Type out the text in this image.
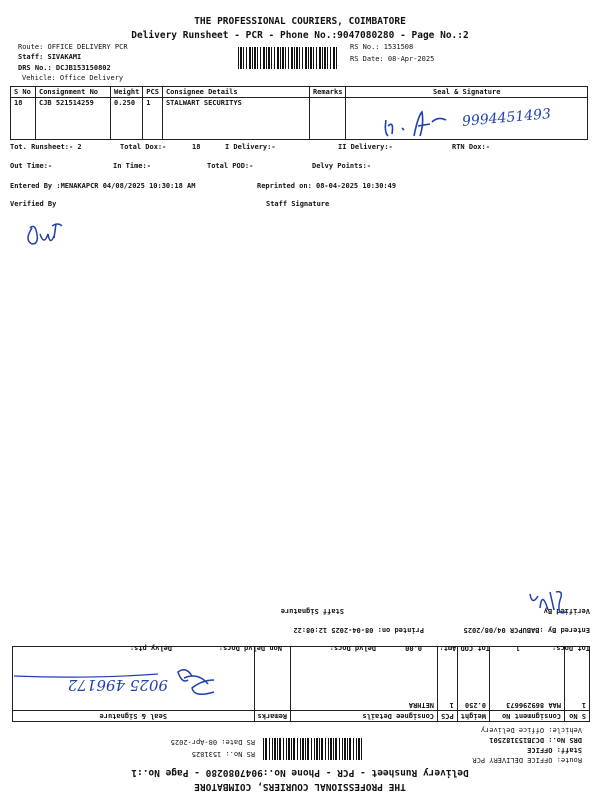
THE PROFESSIONAL COURIERS, COIMBATORE
Delivery Runsheet - PCR - Phone No.:9047080280 - Page No.:2
Route: OFFICE DELIVERY PCR
Staff: SIVAKAMI
DRS No.: DCJB153150802
Vehicle: Office Delivery
RS No.: 1531508
RS Date: 08-Apr-2025
S No	Consignment No	Weight	PCS	Consignee Details	Remarks	Seal & Signature
18	CJB 521514259	0.250	1	STALWART SECURITYS		
9994451493
Tot. Runsheet:- 2	Total Dox:-	18	I Delivery:-	II Delivery:-	RTN Dox:-
Out Time:-	In Time:-	Total POD:-	Delvy Points:-
Entered By :MENAKAPCR 04/08/2025 10:30:18 AM	Reprinted on: 08-04-2025 10:30:49
Verified By	Staff Signature
THE PROFESSIONAL COURIERS, COIMBATORE
Delivery Runsheet - PCR - Phone No.:9047080280 - Page No.:1
Route: OFFICE DELIVERY PCR
Staff: OFFICE
DRS No.: DCJB153182501
Vehicle: Office Delivery
RS No.: 1531825
RS Date: 08-Apr-2025
S No	Consignment No	Weight	PCS	Consignee Details	Remarks	Seal & Signature
1	MAA 869296673	0.250	1	NETHRA		
9025 496172
Tot Docs:
1
Tot COD Amt:
0.00
Delvd Docs:
Non Delvd Docs:
Delvy pts:
Entered By :BABUPCR 04/08/2025
Printed on: 08-04-2025 12:08:22
Verified By
Staff Signature
